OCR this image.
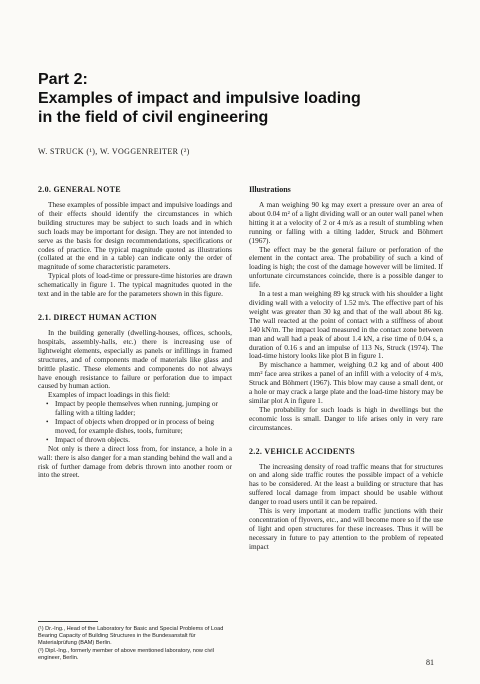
Part 2:
Examples of impact and impulsive loading
in the field of civil engineering
W. STRUCK (¹), W. VOGGENREITER (²)
2.0. GENERAL NOTE

These examples of possible impact and impulsive loadings and of their effects should identify the circumstances in which building structures may be subject to such loads and in which such loads may be important for design. They are not intended to serve as the basis for design recommendations, specifications or codes of practice. The typical magnitude quoted as illustrations (collated at the end in a table) can indicate only the order of magnitude of some characteristic parameters.

Typical plots of load-time or pressure-time histories are drawn schematically in figure 1. The typical magnitudes quoted in the text and in the table are for the parameters shown in this figure.

2.1. DIRECT HUMAN ACTION

In the building generally (dwelling-houses, offices, schools, hospitals, assembly-halls, etc.) there is increasing use of lightweight elements, especially as panels or infillings in framed structures, and of components made of materials like glass and brittle plastic. These elements and components do not always have enough resistance to failure or perforation due to impact caused by human action.

Examples of impact loadings in this field:

• Impact by people themselves when running, jumping or falling with a tilting ladder;
• Impact of objects when dropped or in process of being moved, for example dishes, tools, furniture;
• Impact of thrown objects.

Not only is there a direct loss from, for instance, a hole in a wall: there is also danger for a man standing behind the wall and a risk of further damage from debris thrown into another room or into the street.

(¹) Dr.-Ing., Head of the Laboratory for Basic and Special Problems of Load Bearing Capacity of Building Structures in the Bundesanstalt für Materialprüfung (BAM) Berlin.

(²) Dipl.-Ing., formerly member of above mentioned laboratory, now civil engineer, Berlin.

Illustrations

A man weighing 90 kg may exert a pressure over an area of about 0.04 m² of a light dividing wall or an outer wall panel when hitting it at a velocity of 2 or 4 m/s as a result of stumbling when running or falling with a tilting ladder, Struck and Böhmert (1967).

The effect may be the general failure or perforation of the element in the contact area. The probability of such a kind of loading is high; the cost of the damage however will be limited. If unfortunate circumstances coincide, there is a possible danger to life.

In a test a man weighing 89 kg struck with his shoulder a light dividing wall with a velocity of 1.52 m/s. The effective part of his weight was greater than 30 kg and that of the wall about 86 kg. The wall reacted at the point of contact with a stiffness of about 140 kN/m. The impact load measured in the contact zone between man and wall had a peak of about 1.4 kN, a rise time of 0.04 s, a duration of 0.16 s and an impulse of 113 Ns, Struck (1974). The load-time history looks like plot B in figure 1.

By mischance a hammer, weighing 0.2 kg and of about 400 mm² face area strikes a panel of an infill with a velocity of 4 m/s, Struck and Böhmert (1967). This blow may cause a small dent, or a hole or may crack a large plate and the load-time history may be similar plot A in figure 1.

The probability for such loads is high in dwellings but the economic loss is small. Danger to life arises only in very rare circumstances.

2.2. VEHICLE ACCIDENTS

The increasing density of road traffic means that for structures on and along side traffic routes the possible impact of a vehicle has to be considered. At the least a building or structure that has suffered local damage from impact should be usable without danger to road users until it can be repaired.

This is very important at modern traffic junctions with their concentration of flyovers, etc., and will become more so if the use of light and open structures for these increases. Thus it will be necessary in future to pay attention to the problem of repeated impact

81
